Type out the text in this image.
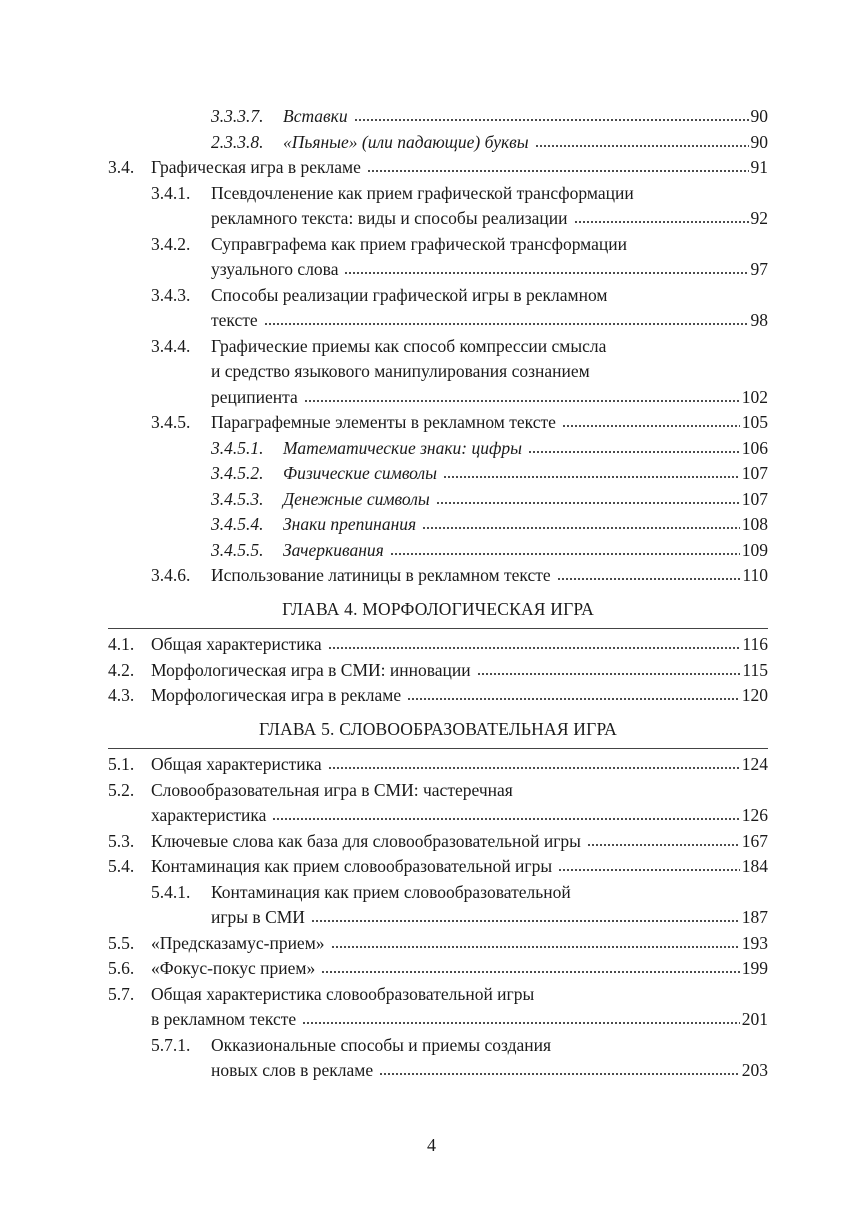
3.3.3.7.	Вставки	90
2.3.3.8.	«Пьяные» (или падающие) буквы	90
3.4. Графическая игра в рекламе	91
3.4.1.	Псевдочленение как прием графической трансформации
рекламного текста: виды и способы реализации	92
3.4.2.	Суправграфема как прием графической трансформации
узуального слова	97
3.4.3.	Способы реализации графической игры в рекламном
тексте	98
3.4.4.	Графические приемы как способ компрессии смысла
и средство языкового манипулирования сознанием
реципиента	102
3.4.5.	Параграфемные элементы в рекламном тексте	105
3.4.5.1.	Математические знаки: цифры	106
3.4.5.2.	Физические символы	107
3.4.5.3.	Денежные символы	107
3.4.5.4.	Знаки препинания	108
3.4.5.5.	Зачеркивания	109
3.4.6.	Использование латиницы в рекламном тексте	110
ГЛАВА 4. МОРФОЛОГИЧЕСКАЯ ИГРА
4.1. Общая характеристика	116
4.2. Морфологическая игра в СМИ: инновации	115
4.3. Морфологическая игра в рекламе	120
ГЛАВА 5. СЛОВООБРАЗОВАТЕЛЬНАЯ ИГРА
5.1. Общая характеристика	124
5.2. Словообразовательная игра в СМИ: частеречная
характеристика	126
5.3. Ключевые слова как база для словообразовательной игры	167
5.4. Контаминация как прием словообразовательной игры	184
5.4.1.	Контаминация как прием словообразовательной
игры в СМИ	187
5.5. «Предсказамус-прием»	193
5.6. «Фокус-покус прием»	199
5.7. Общая характеристика словообразовательной игры
в рекламном тексте	201
5.7.1.	Окказиональные способы и приемы создания
новых слов в рекламе	203
4
